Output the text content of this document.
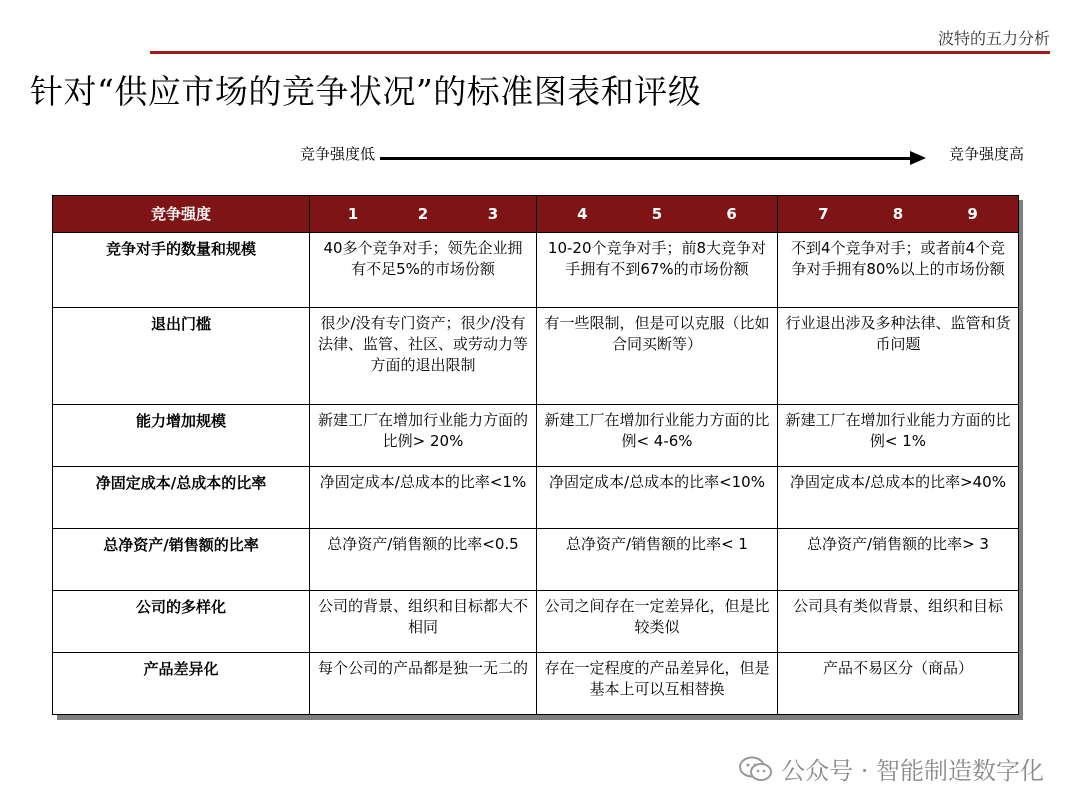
波特的五力分析
针对“供应市场的竞争状况”的标准图表和评级
竞争强度低	竞争强度高
竞争强度	1 2 3	4 5 6	7 8 9

竞争对手的数量和规模	40多个竞争对手；领先企业拥有不足5%的市场份额	10-20个竞争对手；前8大竞争对手拥有不到67%的市场份额	不到4个竞争对手；或者前4个竞争对手拥有80%以上的市场份额
退出门槛	很少/没有专门资产；很少/没有法律、监管、社区、或劳动力等方面的退出限制	有一些限制，但是可以克服（比如合同买断等）	行业退出涉及多种法律、监管和货币问题
能力增加规模	新建工厂在增加行业能力方面的比例> 20%	新建工厂在增加行业能力方面的比例< 4-6%	新建工厂在增加行业能力方面的比例< 1%
净固定成本/总成本的比率	净固定成本/总成本的比率<1%	净固定成本/总成本的比率<10%	净固定成本/总成本的比率>40%
总净资产/销售额的比率	总净资产/销售额的比率<0.5	总净资产/销售额的比率< 1	总净资产/销售额的比率> 3
公司的多样化	公司的背景、组织和目标都大不相同	公司之间存在一定差异化，但是比较类似	公司具有类似背景、组织和目标
产品差异化	每个公司的产品都是独一无二的	存在一定程度的产品差异化，但是基本上可以互相替换	产品不易区分（商品）
公众号 · 智能制造数字化
